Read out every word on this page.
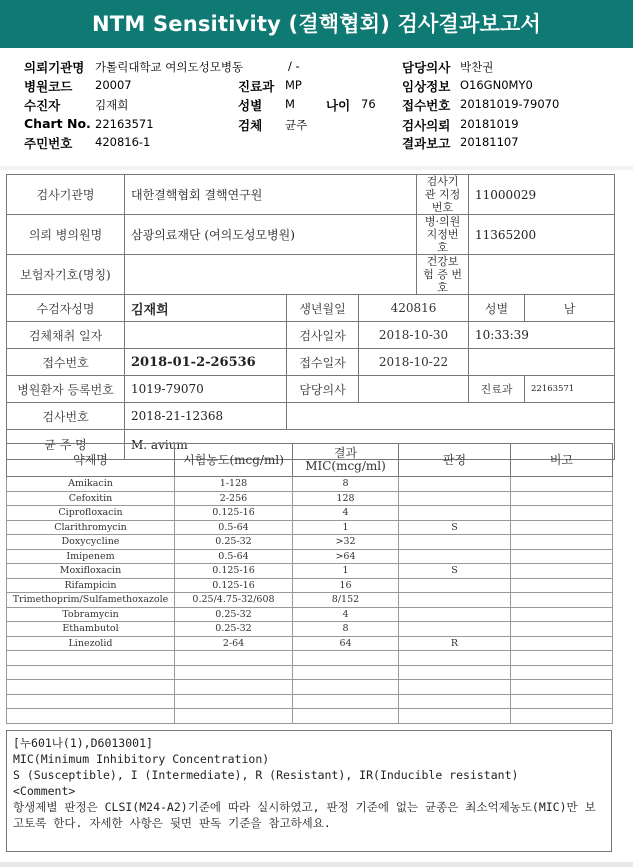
NTM Sensitivity (결핵협회) 검사결과보고서
의뢰기관명 가톨릭대학교 여의도성모병동	/ -	담당의사 박찬권
병원코드 20007	진료과 MP	임상정보 O16GN0MY0
수진자	김재희	성별 M 나이 76 접수번호 20181019-79070
Chart No. 22163571	검체 균주	검사의뢰 20181019
주민번호 420816-1	결과보고 20181107
검사기관명	대한결핵협회 결핵연구원			검사기관 지정번호	11000029	
의뢰 병의원명	삼광의료재단 (여의도성모병원)			병·의원 지정번호	11365200	
보험자기호(명칭)				건강보험 증 번 호		
수검자성명	김재희	생년월일	420816		성별	남
검체채취 일자		검사일자	2018-10-30		10:33:39	
접수번호	2018-01-2-26536	접수일자	2018-10-22			
병원환자 등록번호	1019-79070	담당의사			진료과	22163571
검사번호	2018-21-12368					
균 주 명	M. avium					
약제명	시험농도(mcg/ml)	결과 MIC(mcg/ml)	판정	비고
Amikacin	1-128	8		
Cefoxitin	2-256	128		
Ciprofloxacin	0.125-16	4		
Clarithromycin	0.5-64	1	S	
Doxycycline	0.25-32	>32		
Imipenem	0.5-64	>64		
Moxifloxacin	0.125-16	1	S	
Rifampicin	0.125-16	16		
Trimethoprim/Sulfamethoxazole	0.25/4.75-32/608	8/152		
Tobramycin	0.25-32	4		
Ethambutol	0.25-32	8		
Linezolid	2-64	64	R	

[누601나(1),D6013001]
MIC(Minimum Inhibitory Concentration)
S (Susceptible), I (Intermediate), R (Resistant), IR(Inducible resistant)
<Comment>
항생제별 판정은 CLSI(M24-A2)기준에 따라 실시하였고, 판정 기준에 없는 균종은 최소억제농도(MIC)만 보고토록 한다. 자세한 사항은 뒷면 판독 기준을 참고하세요.
